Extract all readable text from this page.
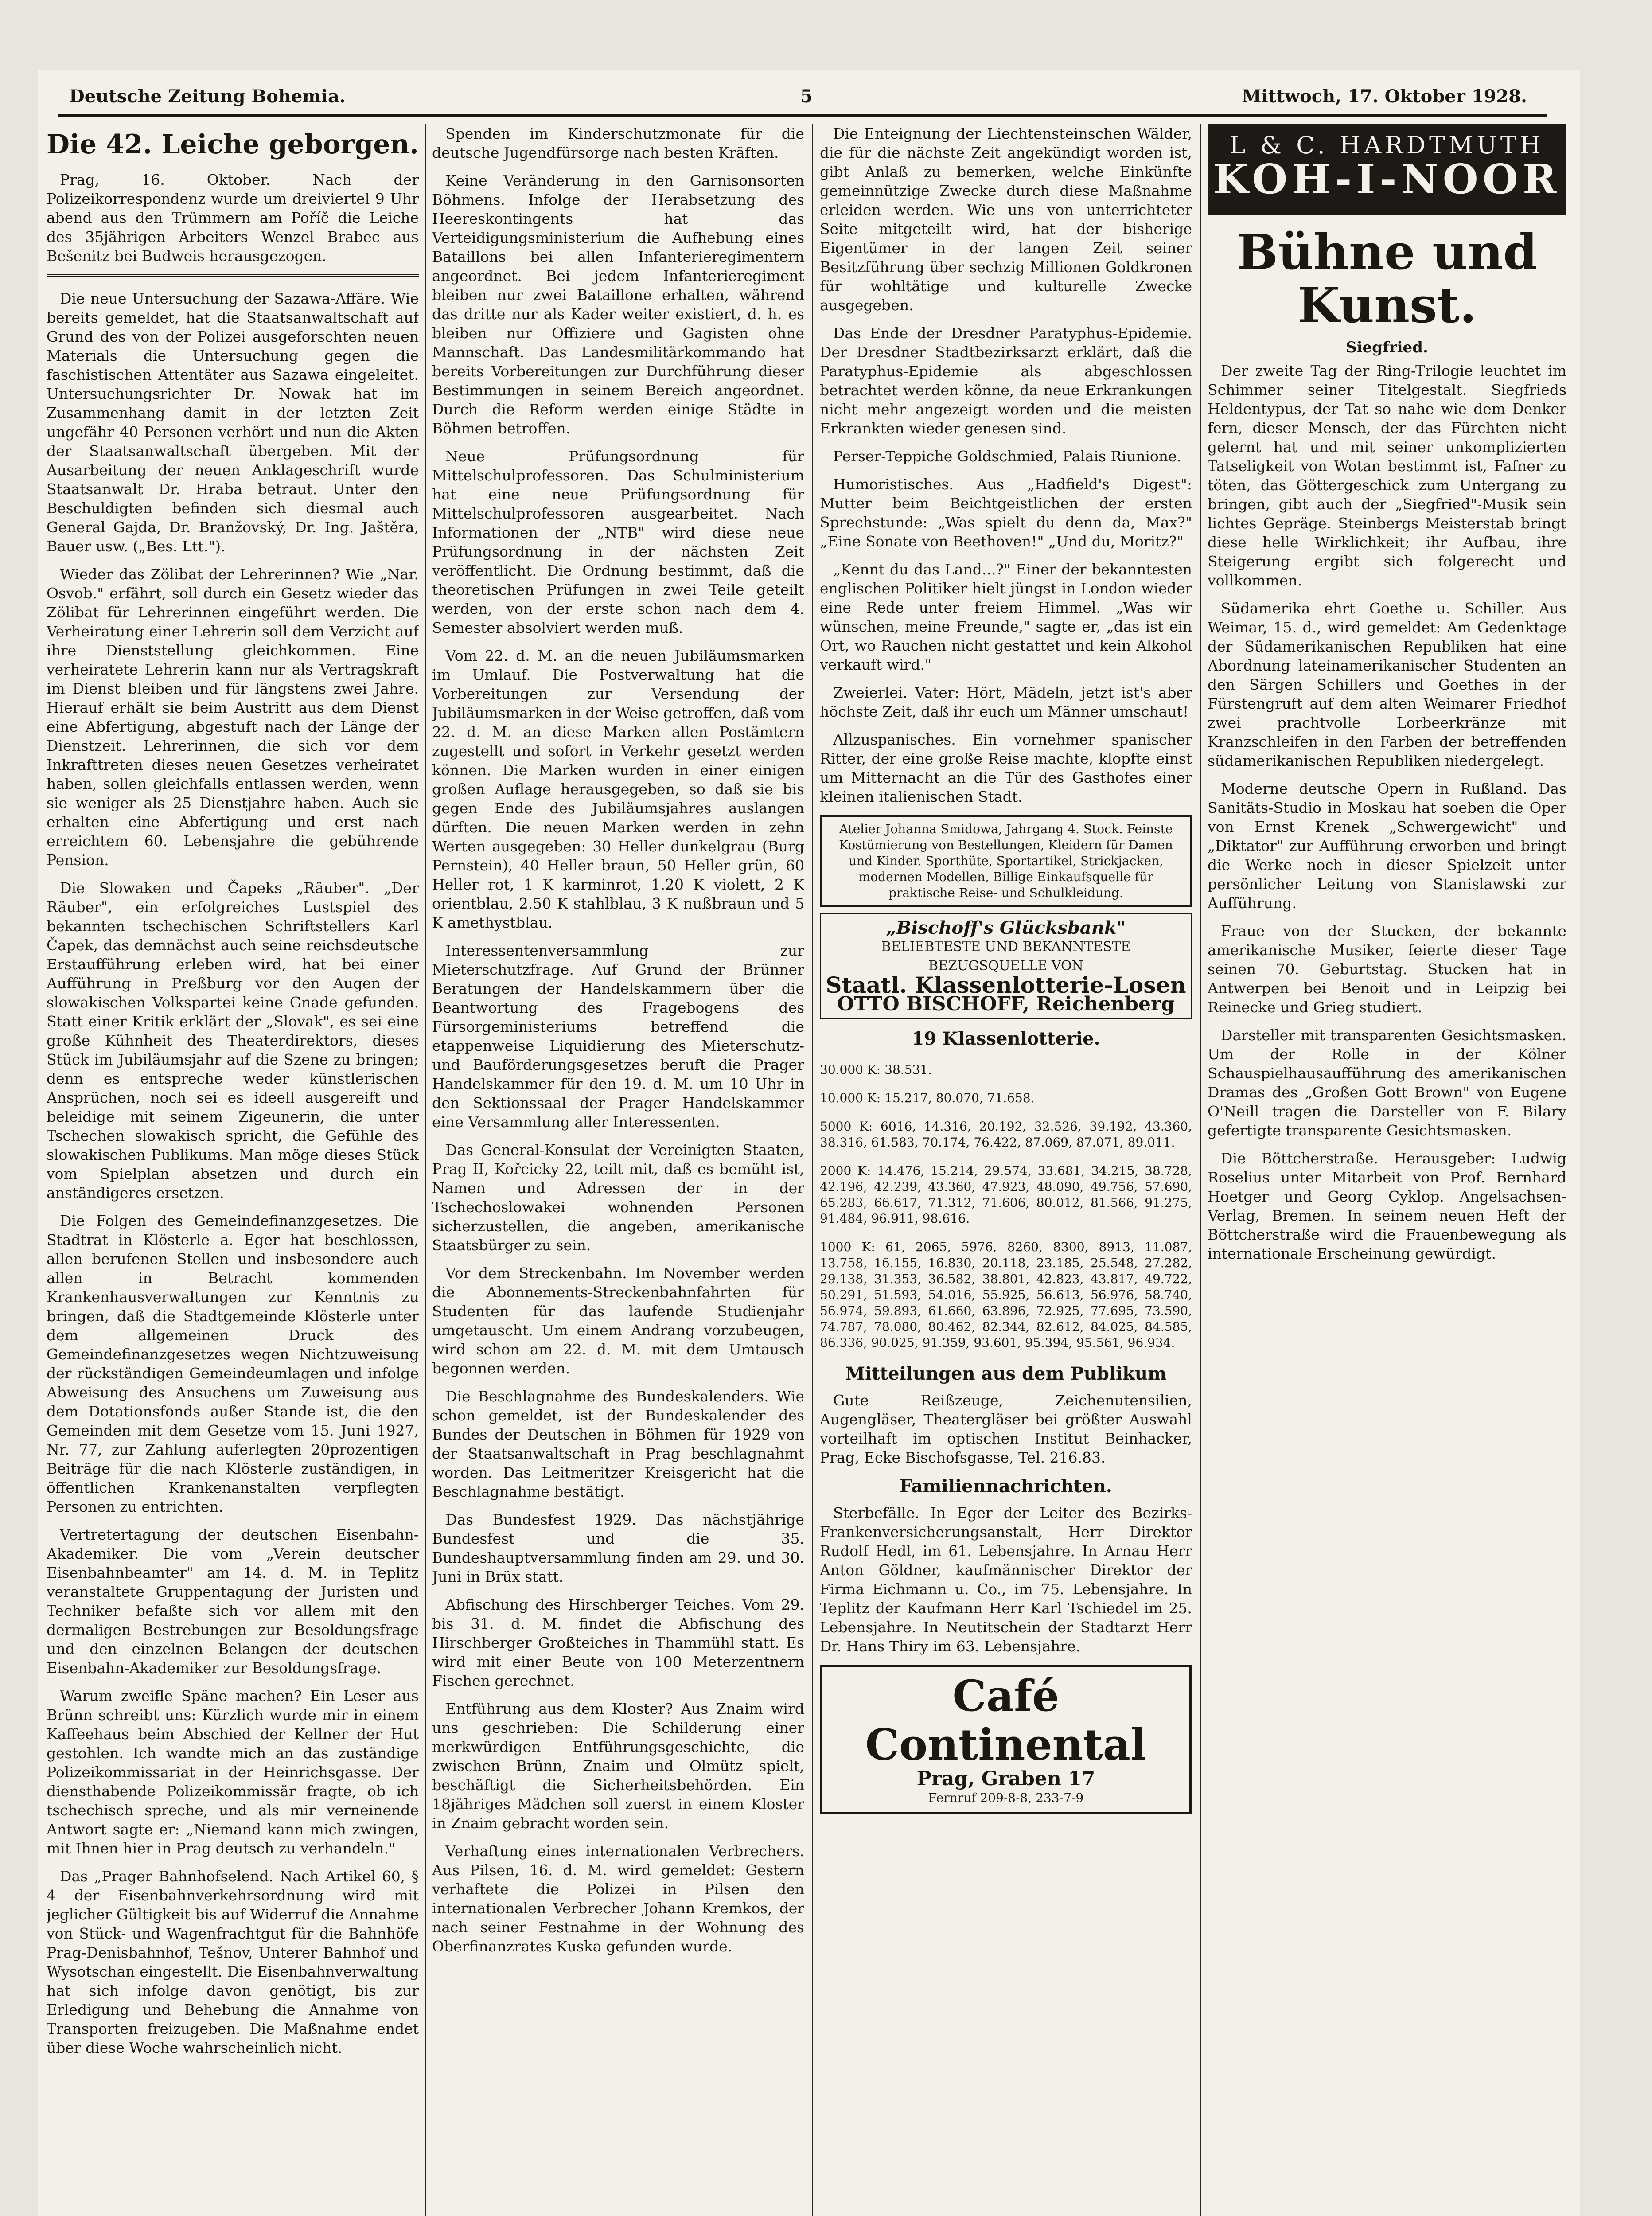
Deutsche Zeitung Bohemia.	5	Mittwoch, 17. Oktober 1928.
Die 42. Leiche geborgen.

Prag, 16. Oktober. Nach der Polizeikorrespondenz wurde um dreiviertel 9 Uhr abend aus den Trümmern am Poříč die Leiche des 35jährigen Arbeiters Wenzel Brabec aus Bešenitz bei Budweis herausgezogen.

Die neue Untersuchung der Sazawa-Affäre. Wie bereits gemeldet, hat die Staatsanwaltschaft auf Grund des von der Polizei ausgeforschten neuen Materials die Untersuchung gegen die faschistischen Attentäter aus Sazawa eingeleitet. Untersuchungsrichter Dr. Nowak hat im Zusammenhang damit in der letzten Zeit ungefähr 40 Personen verhört und nun die Akten der Staatsanwaltschaft übergeben. Mit der Ausarbeitung der neuen Anklageschrift wurde Staatsanwalt Dr. Hraba betraut. Unter den Beschuldigten befinden sich diesmal auch General Gajda, Dr. Branžovský, Dr. Ing. Jaštěra, Bauer usw. („Bes. Ltt.").

Wieder das Zölibat der Lehrerinnen? Wie „Nar. Osvob." erfährt, soll durch ein Gesetz wieder das Zölibat für Lehrerinnen eingeführt werden. Die Verheiratung einer Lehrerin soll dem Verzicht auf ihre Dienststellung gleichkommen. Eine verheiratete Lehrerin kann nur als Vertragskraft im Dienst bleiben und für längstens zwei Jahre. Hierauf erhält sie beim Austritt aus dem Dienst eine Abfertigung, abgestuft nach der Länge der Dienstzeit. Lehrerinnen, die sich vor dem Inkrafttreten dieses neuen Gesetzes verheiratet haben, sollen gleichfalls entlassen werden, wenn sie weniger als 25 Dienstjahre haben. Auch sie erhalten eine Abfertigung und erst nach erreichtem 60. Lebensjahre die gebührende Pension.

Die Slowaken und Čapeks „Räuber". „Der Räuber", ein erfolgreiches Lustspiel des bekannten tschechischen Schriftstellers Karl Čapek, das demnächst auch seine reichsdeutsche Erstaufführung erleben wird, hat bei einer Aufführung in Preßburg vor den Augen der slowakischen Volkspartei keine Gnade gefunden. Statt einer Kritik erklärt der „Slovak", es sei eine große Kühnheit des Theaterdirektors, dieses Stück im Jubiläumsjahr auf die Szene zu bringen; denn es entspreche weder künstlerischen Ansprüchen, noch sei es ideell ausgereift und beleidige mit seinem Zigeunerin, die unter Tschechen slowakisch spricht, die Gefühle des slowakischen Publikums. Man möge dieses Stück vom Spielplan absetzen und durch ein anständigeres ersetzen.

Die Folgen des Gemeindefinanzgesetzes. Die Stadtrat in Klösterle a. Eger hat beschlossen, allen berufenen Stellen und insbesondere auch allen in Betracht kommenden Krankenhausverwaltungen zur Kenntnis zu bringen, daß die Stadtgemeinde Klösterle unter dem allgemeinen Druck des Gemeindefinanzgesetzes wegen Nichtzuweisung der rückständigen Gemeindeumlagen und infolge Abweisung des Ansuchens um Zuweisung aus dem Dotationsfonds außer Stande ist, die den Gemeinden mit dem Gesetze vom 15. Juni 1927, Nr. 77, zur Zahlung auferlegten 20prozentigen Beiträge für die nach Klösterle zuständigen, in öffentlichen Krankenanstalten verpflegten Personen zu entrichten.

Vertretertagung der deutschen Eisenbahn-Akademiker. Die vom „Verein deutscher Eisenbahnbeamter" am 14. d. M. in Teplitz veranstaltete Gruppentagung der Juristen und Techniker befaßte sich vor allem mit den dermaligen Bestrebungen zur Besoldungsfrage und den einzelnen Belangen der deutschen Eisenbahn-Akademiker zur Besoldungsfrage.

Warum zweifle Späne machen? Ein Leser aus Brünn schreibt uns: Kürzlich wurde mir in einem Kaffeehaus beim Abschied der Kellner der Hut gestohlen. Ich wandte mich an das zuständige Polizeikommissariat in der Heinrichsgasse. Der diensthabende Polizeikommissär fragte, ob ich tschechisch spreche, und als mir verneinende Antwort sagte er: „Niemand kann mich zwingen, mit Ihnen hier in Prag deutsch zu verhandeln."

Das „Prager Bahnhofselend. Nach Artikel 60, § 4 der Eisenbahnverkehrsordnung wird mit jeglicher Gültigkeit bis auf Widerruf die Annahme von Stück- und Wagenfrachtgut für die Bahnhöfe Prag-Denisbahnhof, Tešnov, Unterer Bahnhof und Wysotschan eingestellt. Die Eisenbahnverwaltung hat sich infolge davon genötigt, bis zur Erledigung und Behebung die Annahme von Transporten freizugeben. Die Maßnahme endet über diese Woche wahrscheinlich nicht.

Spenden im Kinderschutzmonate für die deutsche Jugendfürsorge nach besten Kräften.

Keine Veränderung in den Garnisonsorten Böhmens. Infolge der Herabsetzung des Heereskontingents hat das Verteidigungsministerium die Aufhebung eines Bataillons bei allen Infanterieregimentern angeordnet. Bei jedem Infanterieregiment bleiben nur zwei Bataillone erhalten, während das dritte nur als Kader weiter existiert, d. h. es bleiben nur Offiziere und Gagisten ohne Mannschaft. Das Landesmilitärkommando hat bereits Vorbereitungen zur Durchführung dieser Bestimmungen in seinem Bereich angeordnet. Durch die Reform werden einige Städte in Böhmen betroffen.

Neue Prüfungsordnung für Mittelschulprofessoren. Das Schulministerium hat eine neue Prüfungsordnung für Mittelschulprofessoren ausgearbeitet. Nach Informationen der „NTB" wird diese neue Prüfungsordnung in der nächsten Zeit veröffentlicht. Die Ordnung bestimmt, daß die theoretischen Prüfungen in zwei Teile geteilt werden, von der erste schon nach dem 4. Semester absolviert werden muß.

Vom 22. d. M. an die neuen Jubiläumsmarken im Umlauf. Die Postverwaltung hat die Vorbereitungen zur Versendung der Jubiläumsmarken in der Weise getroffen, daß vom 22. d. M. an diese Marken allen Postämtern zugestellt und sofort in Verkehr gesetzt werden können. Die Marken wurden in einer einigen großen Auflage herausgegeben, so daß sie bis gegen Ende des Jubiläumsjahres auslangen dürften. Die neuen Marken werden in zehn Werten ausgegeben: 30 Heller dunkelgrau (Burg Pernstein), 40 Heller braun, 50 Heller grün, 60 Heller rot, 1 K karminrot, 1.20 K violett, 2 K orientblau, 2.50 K stahlblau, 3 K nußbraun und 5 K amethystblau.

Interessentenversammlung zur Mieterschutzfrage. Auf Grund der Brünner Beratungen der Handelskammern über die Beantwortung des Fragebogens des Fürsorgeministeriums betreffend die etappenweise Liquidierung des Mieterschutz- und Bauförderungsgesetzes beruft die Prager Handelskammer für den 19. d. M. um 10 Uhr in den Sektionssaal der Prager Handelskammer eine Versammlung aller Interessenten.

Das General-Konsulat der Vereinigten Staaten, Prag II, Kořcicky 22, teilt mit, daß es bemüht ist, Namen und Adressen der in der Tschechoslowakei wohnenden Personen sicherzustellen, die angeben, amerikanische Staatsbürger zu sein.

Vor dem Streckenbahn. Im November werden die Abonnements-Streckenbahnfahrten für Studenten für das laufende Studienjahr umgetauscht. Um einem Andrang vorzubeugen, wird schon am 22. d. M. mit dem Umtausch begonnen werden.

Die Beschlagnahme des Bundeskalenders. Wie schon gemeldet, ist der Bundeskalender des Bundes der Deutschen in Böhmen für 1929 von der Staatsanwaltschaft in Prag beschlagnahmt worden. Das Leitmeritzer Kreisgericht hat die Beschlagnahme bestätigt.

Das Bundesfest 1929. Das nächstjährige Bundesfest und die 35. Bundeshauptversammlung finden am 29. und 30. Juni in Brüx statt.

Abfischung des Hirschberger Teiches. Vom 29. bis 31. d. M. findet die Abfischung des Hirschberger Großteiches in Thammühl statt. Es wird mit einer Beute von 100 Meterzentnern Fischen gerechnet.

Entführung aus dem Kloster? Aus Znaim wird uns geschrieben: Die Schilderung einer merkwürdigen Entführungsgeschichte, die zwischen Brünn, Znaim und Olmütz spielt, beschäftigt die Sicherheitsbehörden. Ein 18jähriges Mädchen soll zuerst in einem Kloster in Znaim gebracht worden sein.

Verhaftung eines internationalen Verbrechers. Aus Pilsen, 16. d. M. wird gemeldet: Gestern verhaftete die Polizei in Pilsen den internationalen Verbrecher Johann Kremkos, der nach seiner Festnahme in der Wohnung des Oberfinanzrates Kuska gefunden wurde.

Die Enteignung der Liechtensteinschen Wälder, die für die nächste Zeit angekündigt worden ist, gibt Anlaß zu bemerken, welche Einkünfte gemeinnützige Zwecke durch diese Maßnahme erleiden werden. Wie uns von unterrichteter Seite mitgeteilt wird, hat der bisherige Eigentümer in der langen Zeit seiner Besitzführung über sechzig Millionen Goldkronen für wohltätige und kulturelle Zwecke ausgegeben.

Das Ende der Dresdner Paratyphus-Epidemie. Der Dresdner Stadtbezirksarzt erklärt, daß die Paratyphus-Epidemie als abgeschlossen betrachtet werden könne, da neue Erkrankungen nicht mehr angezeigt worden und die meisten Erkrankten wieder genesen sind.

Perser-Teppiche Goldschmied, Palais Riunione.

Humoristisches. Aus „Hadfield's Digest": Mutter beim Beichtgeistlichen der ersten Sprechstunde: „Was spielt du denn da, Max?" „Eine Sonate von Beethoven!" „Und du, Moritz?"

„Kennt du das Land...?" Einer der bekanntesten englischen Politiker hielt jüngst in London wieder eine Rede unter freiem Himmel. „Was wir wünschen, meine Freunde," sagte er, „das ist ein Ort, wo Rauchen nicht gestattet und kein Alkohol verkauft wird."

Zweierlei. Vater: Hört, Mädeln, jetzt ist's aber höchste Zeit, daß ihr euch um Männer umschaut!

Allzuspanisches. Ein vornehmer spanischer Ritter, der eine große Reise machte, klopfte einst um Mitternacht an die Tür des Gasthofes einer kleinen italienischen Stadt.

Atelier Johanna Smidowa, Jahrgang 4. Stock. Feinste Kostümierung von Bestellungen, Kleidern für Damen und Kinder. Sporthüte, Sportartikel, Strickjacken, modernen Modellen, Billige Einkaufsquelle für praktische Reise- und Schulkleidung.
„Bischoff's Glücksbank"
BELIEBTESTE UND BEKANNTESTE BEZUGSQUELLE VON
Staatl. Klassenlotterie-Losen
OTTO BISCHOFF, Reichenberg
19 Klassenlotterie.

30.000 K: 38.531.

10.000 K: 15.217, 80.070, 71.658.

5000 K: 6016, 14.316, 20.192, 32.526, 39.192, 43.360, 38.316, 61.583, 70.174, 76.422, 87.069, 87.071, 89.011.

2000 K: 14.476, 15.214, 29.574, 33.681, 34.215, 38.728, 42.196, 42.239, 43.360, 47.923, 48.090, 49.756, 57.690, 65.283, 66.617, 71.312, 71.606, 80.012, 81.566, 91.275, 91.484, 96.911, 98.616.

1000 K: 61, 2065, 5976, 8260, 8300, 8913, 11.087, 13.758, 16.155, 16.830, 20.118, 23.185, 25.548, 27.282, 29.138, 31.353, 36.582, 38.801, 42.823, 43.817, 49.722, 50.291, 51.593, 54.016, 55.925, 56.613, 56.976, 58.740, 56.974, 59.893, 61.660, 63.896, 72.925, 77.695, 73.590, 74.787, 78.080, 80.462, 82.344, 82.612, 84.025, 84.585, 86.336, 90.025, 91.359, 93.601, 95.394, 95.561, 96.934.

Mitteilungen aus dem Publikum

Gute Reißzeuge, Zeichenutensilien, Augengläser, Theatergläser bei größter Auswahl vorteilhaft im optischen Institut Beinhacker, Prag, Ecke Bischofsgasse, Tel. 216.83.

Familiennachrichten.

Sterbefälle. In Eger der Leiter des Bezirks-Frankenversicherungsanstalt, Herr Direktor Rudolf Hedl, im 61. Lebensjahre. In Arnau Herr Anton Göldner, kaufmännischer Direktor der Firma Eichmann u. Co., im 75. Lebensjahre. In Teplitz der Kaufmann Herr Karl Tschiedel im 25. Lebensjahre. In Neutitschein der Stadtarzt Herr Dr. Hans Thiry im 63. Lebensjahre.

Café Continental
Prag, Graben 17
Fernruf 209-8-8, 233-7-9
L & C. HARDTMUTH
KOH-I-NOOR
Bühne und Kunst.
Siegfried.

Der zweite Tag der Ring-Trilogie leuchtet im Schimmer seiner Titelgestalt. Siegfrieds Heldentypus, der Tat so nahe wie dem Denker fern, dieser Mensch, der das Fürchten nicht gelernt hat und mit seiner unkomplizierten Tatseligkeit von Wotan bestimmt ist, Fafner zu töten, das Göttergeschick zum Untergang zu bringen, gibt auch der „Siegfried"-Musik sein lichtes Gepräge. Steinbergs Meisterstab bringt diese helle Wirklichkeit; ihr Aufbau, ihre Steigerung ergibt sich folgerecht und vollkommen.

Südamerika ehrt Goethe u. Schiller. Aus Weimar, 15. d., wird gemeldet: Am Gedenktage der Südamerikanischen Republiken hat eine Abordnung lateinamerikanischer Studenten an den Särgen Schillers und Goethes in der Fürstengruft auf dem alten Weimarer Friedhof zwei prachtvolle Lorbeerkränze mit Kranzschleifen in den Farben der betreffenden südamerikanischen Republiken niedergelegt.

Moderne deutsche Opern in Rußland. Das Sanitäts-Studio in Moskau hat soeben die Oper von Ernst Krenek „Schwergewicht" und „Diktator" zur Aufführung erworben und bringt die Werke noch in dieser Spielzeit unter persönlicher Leitung von Stanislawski zur Aufführung.

Fraue von der Stucken, der bekannte amerikanische Musiker, feierte dieser Tage seinen 70. Geburtstag. Stucken hat in Antwerpen bei Benoit und in Leipzig bei Reinecke und Grieg studiert.

Darsteller mit transparenten Gesichtsmasken. Um der Rolle in der Kölner Schauspielhausaufführung des amerikanischen Dramas des „Großen Gott Brown" von Eugene O'Neill tragen die Darsteller von F. Bilary gefertigte transparente Gesichtsmasken.

Die Böttcherstraße. Herausgeber: Ludwig Roselius unter Mitarbeit von Prof. Bernhard Hoetger und Georg Cyklop. Angelsachsen-Verlag, Bremen. In seinem neuen Heft der Böttcherstraße wird die Frauenbewegung als internationale Erscheinung gewürdigt.
